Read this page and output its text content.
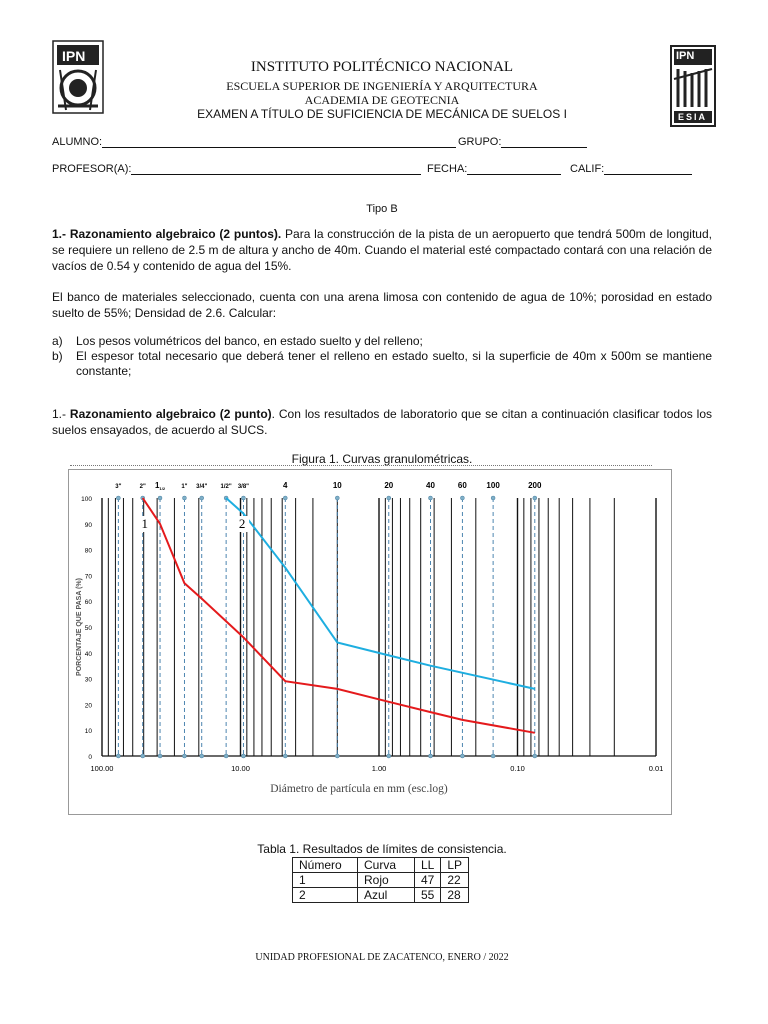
IPN	IPN
ESIA
INSTITUTO POLITÉCNICO NACIONAL
ESCUELA SUPERIOR DE INGENIERÍA Y ARQUITECTURA
ACADEMIA DE GEOTECNIA
EXAMEN A TÍTULO DE SUFICIENCIA DE MECÁNICA DE SUELOS I
ALUMNO:	GRUPO:
PROFESOR(A):	FECHA:	CALIF:
Tipo B

1.- Razonamiento algebraico (2 puntos). Para la construcción de la pista de un aeropuerto que tendrá 500m de longitud, se requiere un relleno de 2.5 m de altura y ancho de 40m. Cuando el material esté compactado contará con una relación de vacíos de 0.54 y contenido de agua del 15%.

El banco de materiales seleccionado, cuenta con una arena limosa con contenido de agua de 10%; porosidad en estado suelto de 55%; Densidad de 2.6. Calcular:

a)	Los pesos volumétricos del banco, en estado suelto y del relleno;
b)	El espesor total necesario que deberá tener el relleno en estado suelto, si la superficie de 40m x 500m se mantiene constante;

1.- Razonamiento algebraico (2 punto). Con los resultados de laboratorio que se citan a continuación clasificar todos los suelos ensayados, de acuerdo al SUCS.

Figura 1. Curvas granulométricas.
0
10
20
30
40
50
60
70
80
90
100
100.00	10.00	1.00	0.10	0.01
3"	2" $1_{1/2}$	1" 3/4" 1/2" 3/8"	4	10	20	40	60 100	200
1	2
PORCENTAJE QUE PASA (%)
Diámetro de partícula en mm (esc.log)
Tabla 1. Resultados de límites de consistencia.
Número	Curva	LL	LP
1	Rojo	47	22
2	Azul	55	28
UNIDAD PROFESIONAL DE ZACATENCO, ENERO / 2022
